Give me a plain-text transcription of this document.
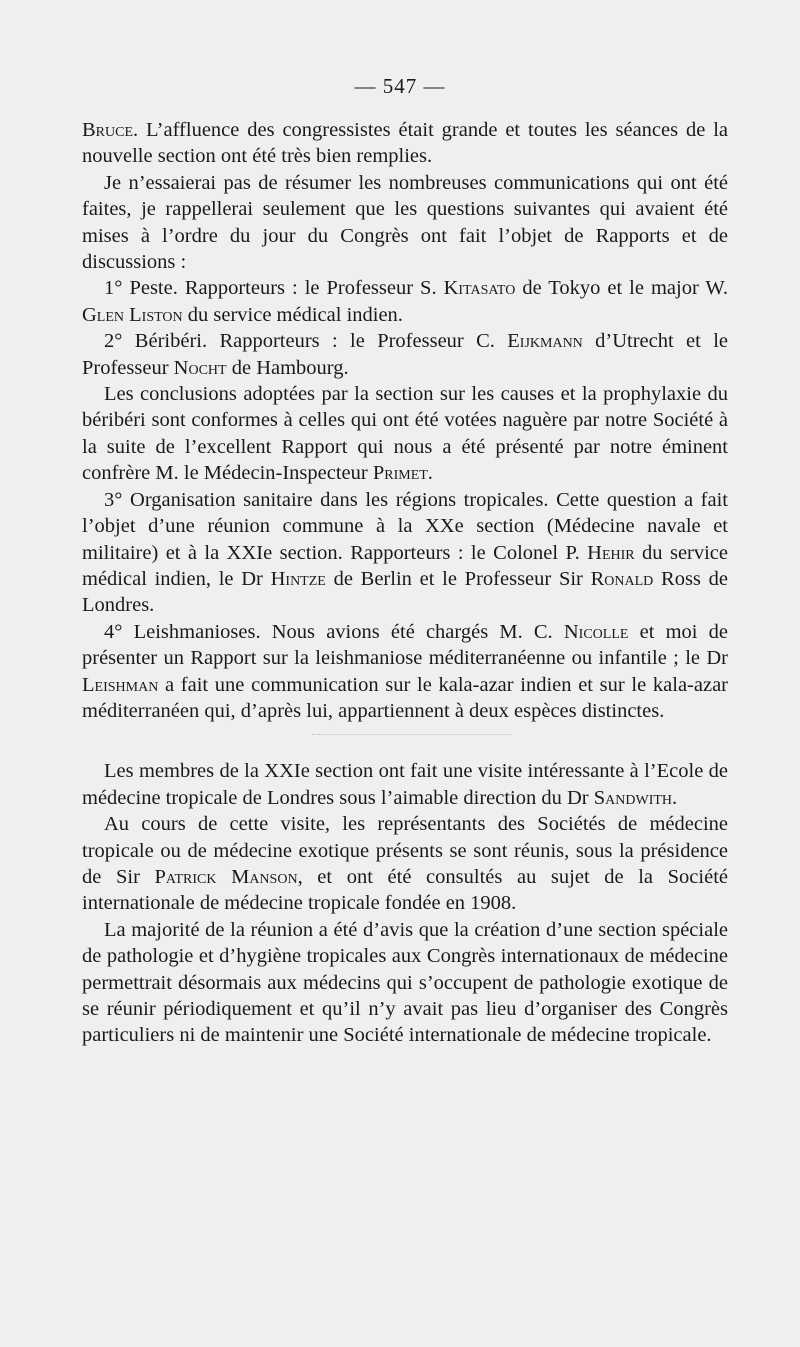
— 547 —

Bruce. L’affluence des congressistes était grande et toutes les séances de la nouvelle section ont été très bien remplies.

Je n’essaierai pas de résumer les nombreuses communications qui ont été faites, je rappellerai seulement que les questions suivantes qui avaient été mises à l’ordre du jour du Congrès ont fait l’objet de Rapports et de discussions :

1° Peste. Rapporteurs : le Professeur S. Kitasato de Tokyo et le major W. Glen Liston du service médical indien.

2° Béribéri. Rapporteurs : le Professeur C. Eijkmann d’Utrecht et le Professeur Nocht de Hambourg.

Les conclusions adoptées par la section sur les causes et la prophylaxie du béribéri sont conformes à celles qui ont été votées naguère par notre Société à la suite de l’excellent Rapport qui nous a été présenté par notre éminent confrère M. le Médecin-Inspecteur Primet.

3° Organisation sanitaire dans les régions tropicales. Cette question a fait l’objet d’une réunion commune à la XXe section (Médecine navale et militaire) et à la XXIe section. Rapporteurs : le Colonel P. Hehir du service médical indien, le Dr Hintze de Berlin et le Professeur Sir Ronald Ross de Londres.

4° Leishmanioses. Nous avions été chargés M. C. Nicolle et moi de présenter un Rapport sur la leishmaniose méditerranéenne ou infantile ; le Dr Leishman a fait une communication sur le kala-azar indien et sur le kala-azar méditerranéen qui, d’après lui, appartiennent à deux espèces distinctes.

Les membres de la XXIe section ont fait une visite intéressante à l’Ecole de médecine tropicale de Londres sous l’aimable direction du Dr Sandwith.

Au cours de cette visite, les représentants des Sociétés de médecine tropicale ou de médecine exotique présents se sont réunis, sous la présidence de Sir Patrick Manson, et ont été consultés au sujet de la Société internationale de médecine tropicale fondée en 1908.

La majorité de la réunion a été d’avis que la création d’une section spéciale de pathologie et d’hygiène tropicales aux Congrès internationaux de médecine permettrait désormais aux médecins qui s’occupent de pathologie exotique de se réunir périodiquement et qu’il n’y avait pas lieu d’organiser des Congrès particuliers ni de maintenir une Société internationale de médecine tropicale.
